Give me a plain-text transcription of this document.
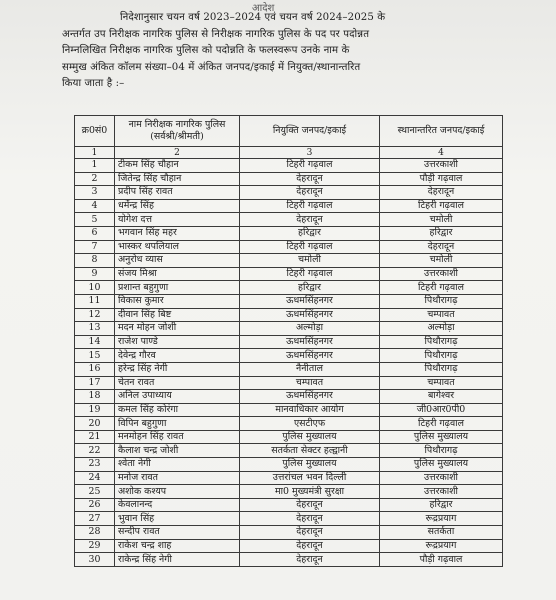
आदेश
निदेशानुसार चयन वर्ष 2023–2024 एवं चयन वर्ष 2024–2025 के
अन्तर्गत उप निरीक्षक नागरिक पुलिस से निरीक्षक नागरिक पुलिस के पद पर पदोन्नत
निम्नलिखित निरीक्षक नागरिक पुलिस को पदोन्नति के फलस्वरूप उनके नाम के
सम्मुख अंकित कॉलम संख्या–04 में अंकित जनपद/इकाई में नियुक्त/स्थानान्तरित
किया जाता है :–
क्र0सं0	नाम निरीक्षक नागरिक पुलिस (सर्वश्री/श्रीमती)	नियुक्ति जनपद/इकाई	स्थानान्तरित जनपद/इकाई
1	2	3	4
1	टीकम सिंह चौहान	टिहरी गढ़वाल	उत्तरकाशी
2	जितेन्द्र सिंह चौहान	देहरादून	पौड़ी गढ़वाल
3	प्रदीप सिंह रावत	देहरादून	देहरादून
4	धर्मेन्द्र सिंह	टिहरी गढ़वाल	टिहरी गढ़वाल
5	योगेश दत्त	देहरादून	चमोली
6	भगवान सिंह महर	हरिद्वार	हरिद्वार
7	भास्कर थपलियाल	टिहरी गढ़वाल	देहरादून
8	अनुरोध व्यास	चमोली	चमोली
9	संजय मिश्रा	टिहरी गढ़वाल	उत्तरकाशी
10	प्रशान्त बहुगुणा	हरिद्वार	टिहरी गढ़वाल
11	विकास कुमार	ऊधमसिंहनगर	पिथौरागढ़
12	दीवान सिंह बिष्ट	ऊधमसिंहनगर	चम्पावत
13	मदन मोहन जोशी	अल्मोड़ा	अल्मोड़ा
14	राजेश पाण्डे	ऊधमसिंहनगर	पिथौरागढ़
15	देवेन्द्र गौरव	ऊधमसिंहनगर	पिथौरागढ़
16	हरेन्द्र सिंह नेगी	नैनीताल	पिथौरागढ़
17	चेतन रावत	चम्पावत	चम्पावत
18	अनिल उपाध्याय	ऊधमसिंहनगर	बागेश्वर
19	कमल सिंह कोरंगा	मानवाधिकार आयोग	जी0आर0पी0
20	विपिन बहुगुणा	एसटीएफ	टिहरी गढ़वाल
21	मनमोहन सिंह रावत	पुलिस मुख्यालय	पुलिस मुख्यालय
22	कैलाश चन्द्र जोशी	सतर्कता सेक्टर हल्द्वानी	पिथौरागढ़
23	श्वेता नेगी	पुलिस मुख्यालय	पुलिस मुख्यालय
24	मनोज रावत	उत्तरांचल भवन दिल्ली	उत्तरकाशी
25	अशोक कश्यप	मा0 मुख्यमंत्री सुरक्षा	उत्तरकाशी
26	केवलानन्द	देहरादून	हरिद्वार
27	भुवान सिंह	देहरादून	रूद्रप्रयाग
28	सन्दीप रावत	देहरादून	सतर्कता
29	राकेश चन्द्र शाह	देहरादून	रूद्रप्रयाग
30	राकेन्द्र सिंह नेगी	देहरादून	पौड़ी गढ़वाल
